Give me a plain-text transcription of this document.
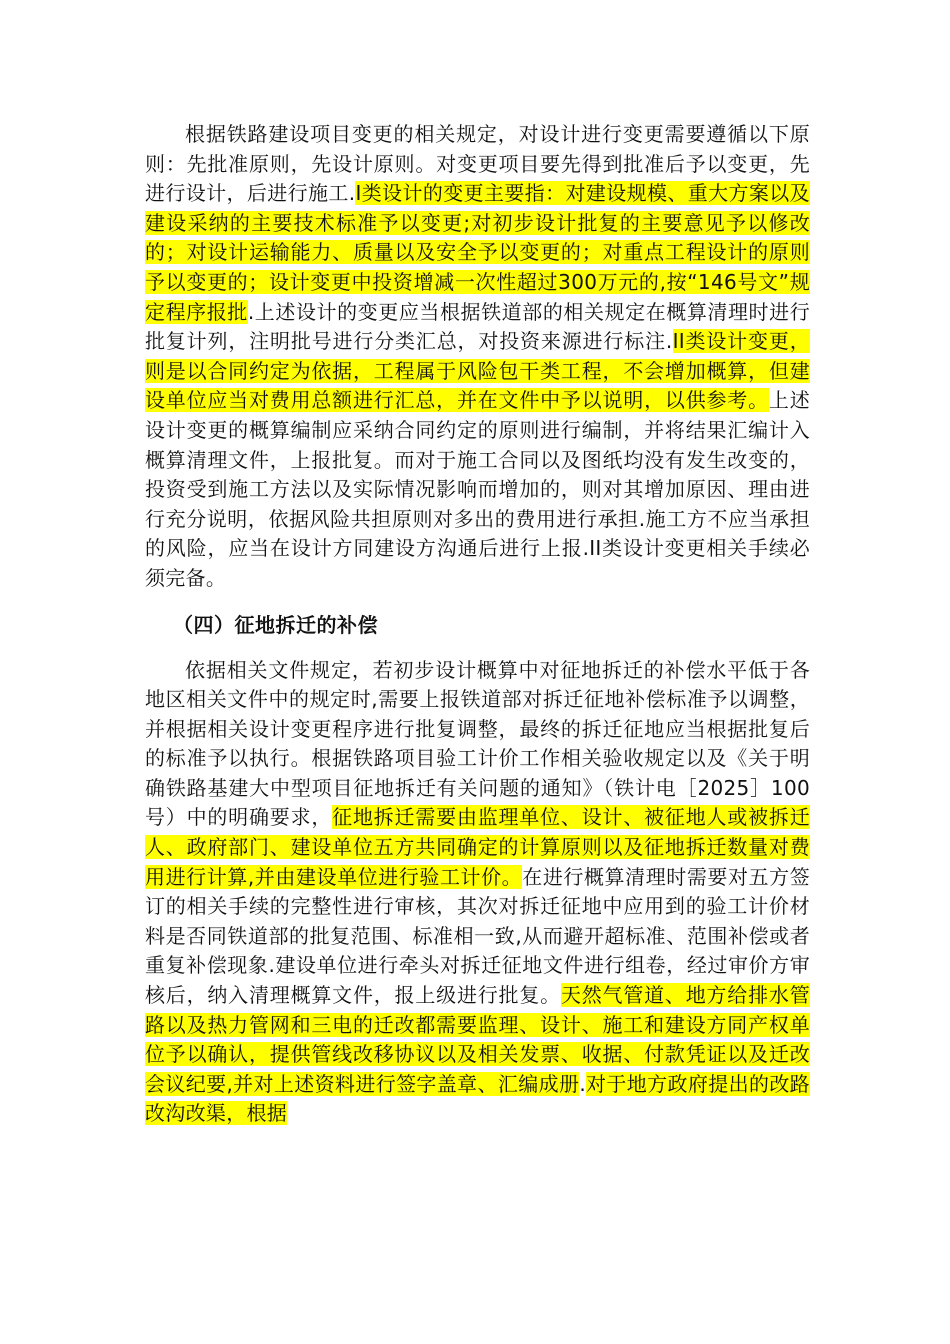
根据铁路建设项目变更的相关规定，对设计进行变更需要遵循以下原则：先批准原则，先设计原则。对变更项目要先得到批准后予以变更，先进行设计，后进行施工.I类设计的变更主要指：对建设规模、重大方案以及建设采纳的主要技术标准予以变更;对初步设计批复的主要意见予以修改的；对设计运输能力、质量以及安全予以变更的；对重点工程设计的原则予以变更的；设计变更中投资增减一次性超过300万元的,按“146号文”规定程序报批.上述设计的变更应当根据铁道部的相关规定在概算清理时进行批复计列，注明批号进行分类汇总，对投资来源进行标注.II类设计变更，则是以合同约定为依据，工程属于风险包干类工程，不会增加概算，但建设单位应当对费用总额进行汇总，并在文件中予以说明，以供参考。上述设计变更的概算编制应采纳合同约定的原则进行编制，并将结果汇编计入概算清理文件，上报批复。而对于施工合同以及图纸均没有发生改变的，投资受到施工方法以及实际情况影响而增加的，则对其增加原因、理由进行充分说明，依据风险共担原则对多出的费用进行承担.施工方不应当承担的风险，应当在设计方同建设方沟通后进行上报.II类设计变更相关手续必须完备。

（四）征地拆迁的补偿

依据相关文件规定，若初步设计概算中对征地拆迁的补偿水平低于各地区相关文件中的规定时,需要上报铁道部对拆迁征地补偿标准予以调整，并根据相关设计变更程序进行批复调整，最终的拆迁征地应当根据批复后的标准予以执行。根据铁路项目验工计价工作相关验收规定以及《关于明确铁路基建大中型项目征地拆迁有关问题的通知》（铁计电［2025］100号）中的明确要求，征地拆迁需要由监理单位、设计、被征地人或被拆迁人、政府部门、建设单位五方共同确定的计算原则以及征地拆迁数量对费用进行计算,并由建设单位进行验工计价。在进行概算清理时需要对五方签订的相关手续的完整性进行审核，其次对拆迁征地中应用到的验工计价材料是否同铁道部的批复范围、标准相一致,从而避开超标准、范围补偿或者重复补偿现象.建设单位进行牵头对拆迁征地文件进行组卷，经过审价方审核后，纳入清理概算文件，报上级进行批复。天然气管道、地方给排水管路以及热力管网和三电的迁改都需要监理、设计、施工和建设方同产权单位予以确认，提供管线改移协议以及相关发票、收据、付款凭证以及迁改会议纪要,并对上述资料进行签字盖章、汇编成册.对于地方政府提出的改路改沟改渠，根据
